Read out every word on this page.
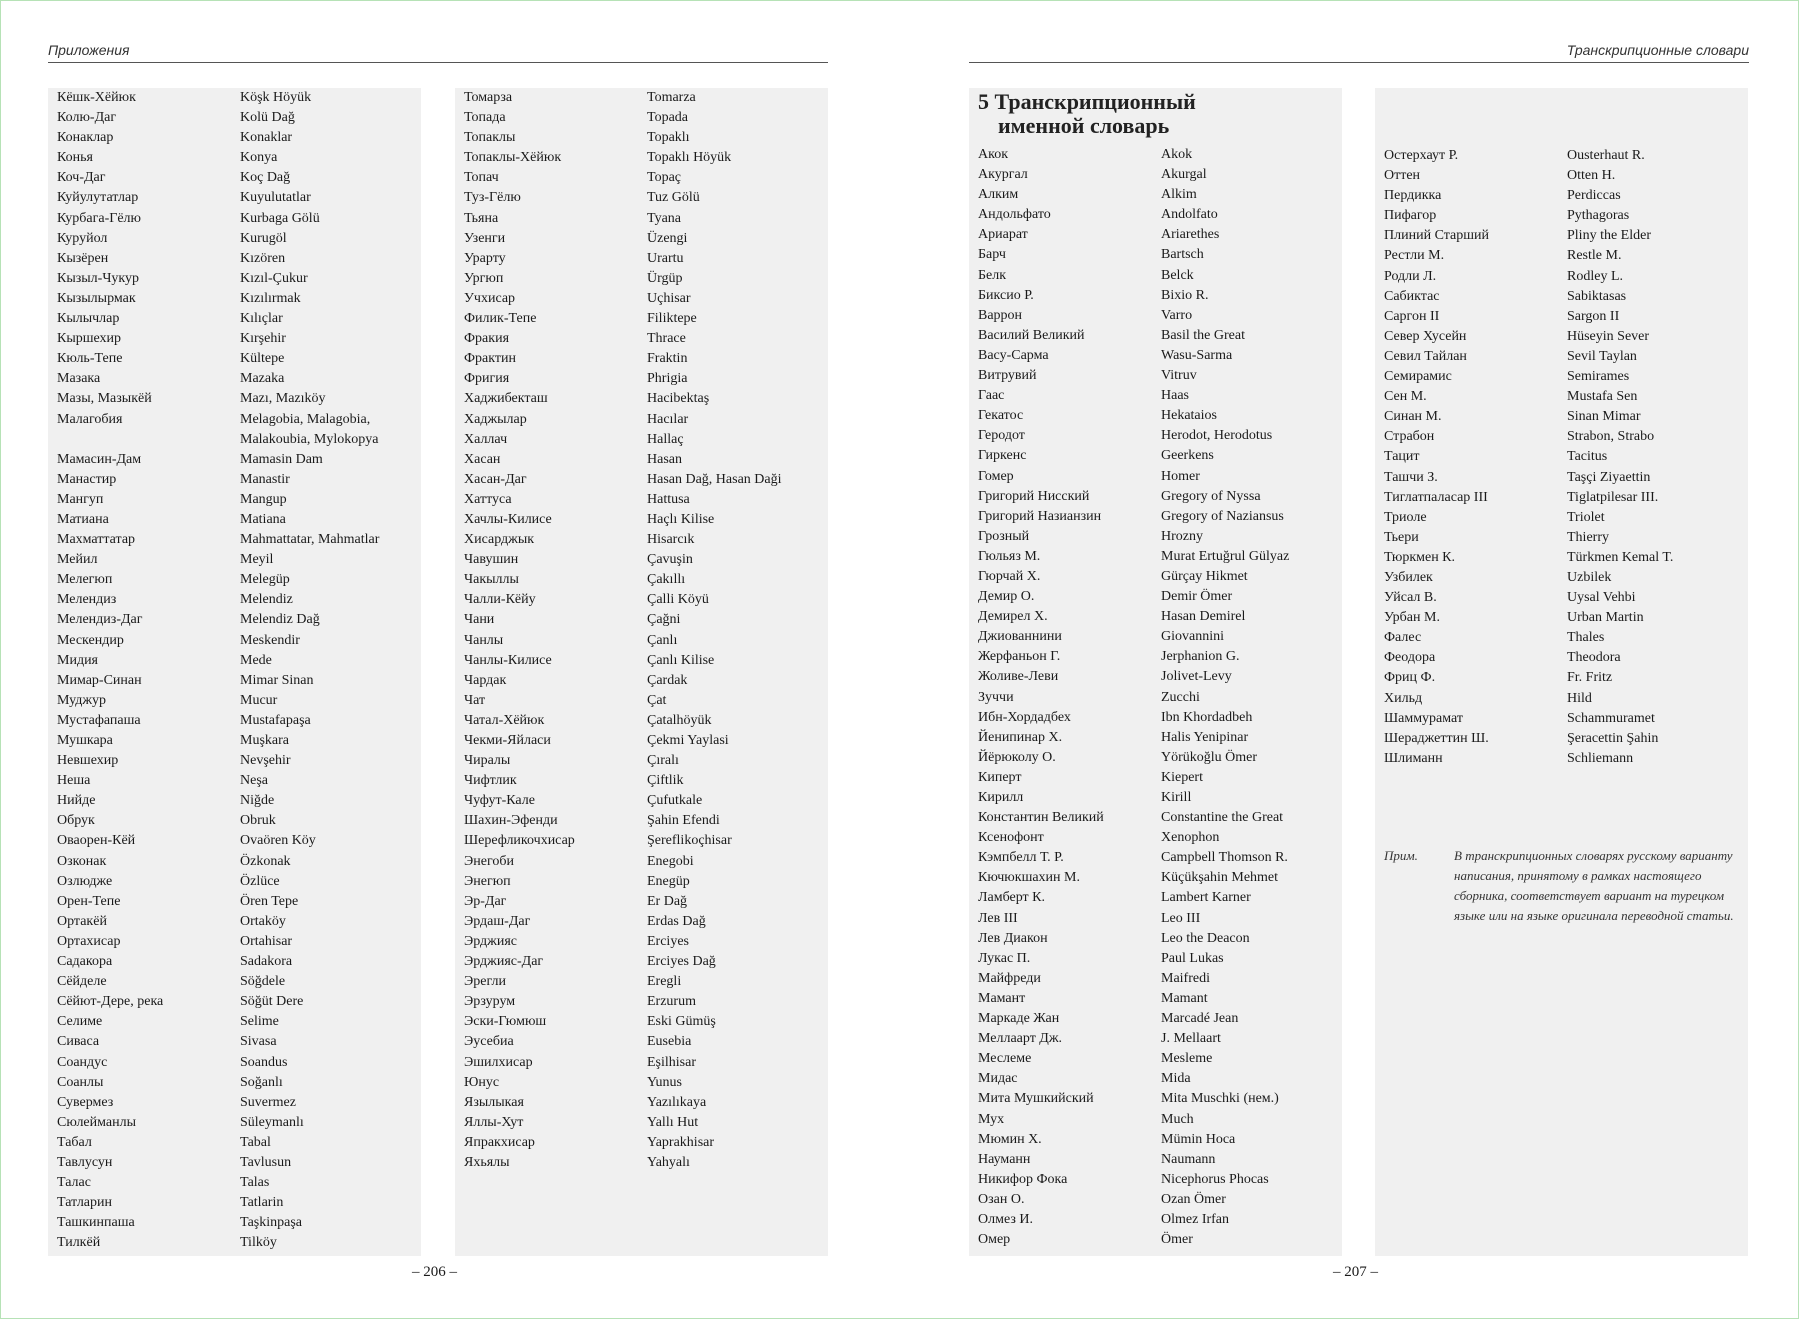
Приложения
Кёшк-Хёйюк	Köşk Höyük
Колю-Даг	Kolü Dağ
Конаклар	Konaklar
Конья	Konya
Коч-Даг	Koç Dağ
Куйулутатлар	Kuyulutatlar
Курбага-Гёлю	Kurbaga Gölü
Куруйол	Kurugöl
Кызёрен	Kızören
Кызыл-Чукур	Kızıl-Çukur
Кызылырмак	Kızılırmak
Кылычлар	Kılıçlar
Кыршехир	Kırşehir
Кюль-Тепе	Kültepe
Мазака	Mazaka
Мазы, Мазыкёй	Mazı, Mazıköy
Малагобия	Melagobia, Malagobia, Malakoubia, Mylokopya
Мамасин-Дам	Mamasin Dam
Манастир	Manastir
Мангуп	Mangup
Матиана	Matiana
Махматтатар	Mahmattatar, Mahmatlar
Мейил	Meyil
Мелегюп	Melegüp
Мелендиз	Melendiz
Мелендиз-Даг	Melendiz Dağ
Мескендир	Meskendir
Мидия	Mede
Мимар-Синан	Mimar Sinan
Муджур	Mucur
Мустафапаша	Mustafapaşa
Мушкара	Muşkara
Невшехир	Nevşehir
Неша	Neşa
Нийде	Niğde
Обрук	Obruk
Оваорен-Кёй	Ovaören Köy
Озконак	Özkonak
Озлюдже	Özlüce
Орен-Тепе	Ören Tepe
Ортакёй	Ortaköy
Ортахисар	Ortahisar
Садакора	Sadakora
Сёйделе	Söğdele
Сёйют-Дере, река	Söğüt Dere
Селиме	Selime
Сиваса	Sivasa
Соандус	Soandus
Соанлы	Soğanlı
Сувермез	Suvermez
Сюлейманлы	Süleymanlı
Табал	Tabal
Тавлусун	Tavlusun
Талас	Talas
Татларин	Tatlarin
Ташкинпаша	Taşkinpaşa
Тилкёй	Tilköy
Томарза	Tomarza
Топада	Topada
Топаклы	Topaklı
Топаклы-Хёйюк	Topaklı Höyük
Топач	Topaç
Туз-Гёлю	Tuz Gölü
Тьяна	Tyana
Узенги	Üzengi
Урарту	Urartu
Ургюп	Ürgüp
Учхисар	Uçhisar
Филик-Тепе	Filiktepe
Фракия	Thrace
Фрактин	Fraktin
Фригия	Phrigia
Хаджибекташ	Hacibektaş
Хаджылар	Hacılar
Халлач	Hallaç
Хасан	Hasan
Хасан-Даг	Hasan Dağ, Hasan Daği
Хаттуса	Hattusa
Хачлы-Килисе	Haçlı Kilise
Хисарджык	Hisarcık
Чавушин	Çavuşin
Чакыллы	Çakıllı
Чалли-Кёйу	Çalli Köyü
Чани	Çağni
Чанлы	Çanlı
Чанлы-Килисе	Çanlı Kilise
Чардак	Çardak
Чат	Çat
Чатал-Хёйюк	Çatalhöyük
Чекми-Яйласи	Çekmi Yaylasi
Чиралы	Çıralı
Чифтлик	Çiftlik
Чуфут-Кале	Çufutkale
Шахин-Эфенди	Şahin Efendi
Шерефликочхисар	Şereflikoçhisar
Энегоби	Enegobi
Энегюп	Enegüp
Эр-Даг	Er Dağ
Эрдаш-Даг	Erdas Dağ
Эрджияс	Erciyes
Эрджияс-Даг	Erciyes Dağ
Эрегли	Eregli
Эрзурум	Erzurum
Эски-Гюмюш	Eski Gümüş
Эусебиа	Eusebia
Эшилхисар	Eşilhisar
Юнус	Yunus
Язылыкая	Yazılıkaya
Яллы-Хут	Yallı Hut
Япракхисар	Yaprakhisar
Яхьялы	Yahyalı
– 206 –
Транскрипционные словари
5 Транскрипционный
именной словарь
Акок	Akok
Акургал	Akurgal
Алким	Alkim
Андольфато	Andolfato
Ариарат	Ariarethes
Барч	Bartsch
Белк	Belck
Биксио Р.	Bixio R.
Варрон	Varro
Василий Великий	Basil the Great
Васу-Сарма	Wasu-Sarma
Витрувий	Vitruv
Гаас	Haas
Гекатос	Hekataios
Геродот	Herodot, Herodotus
Гиркенс	Geerkens
Гомер	Homer
Григорий Нисский	Gregory of Nyssa
Григорий Назианзин	Gregory of Naziansus
Грозный	Hrozny
Гюльяз М.	Murat Ertuğrul Gülyaz
Гюрчай Х.	Gürçay Hikmet
Демир О.	Demir Ömer
Демирел Х.	Hasan Demirel
Джиованнини	Giovannini
Жерфаньон Г.	Jerphanion G.
Жоливе-Леви	Jolivet-Levy
Зуччи	Zucchi
Ибн-Хордадбех	Ibn Khordadbeh
Йенипинар Х.	Halis Yenipinar
Йёрюколу О.	Yörükoğlu Ömer
Киперт	Kiepert
Кирилл	Kirill
Константин Великий	Constantine the Great
Ксенофонт	Xenophon
Кэмпбелл Т. Р.	Campbell Thomson R.
Кючюкшахин М.	Küçükşahin Mehmet
Ламберт К.	Lambert Karner
Лев III	Leo III
Лев Диакон	Leo the Deacon
Лукас П.	Paul Lukas
Майфреди	Maifredi
Мамант	Mamant
Маркаде Жан	Marcadé Jean
Меллаарт Дж.	J. Mellaart
Меслеме	Mesleme
Мидас	Mida
Мита Мушкийский	Mita Muschki (нем.)
Мух	Much
Мюмин Х.	Mümin Hoca
Науманн	Naumann
Никифор Фока	Nicephorus Phocas
Озан О.	Ozan Ömer
Олмез И.	Olmez Irfan
Омер	Ömer
Остерхаут Р.	Ousterhaut R.
Оттен	Otten H.
Пердикка	Perdiccas
Пифагор	Pythagoras
Плиний Старший	Pliny the Elder
Рестли М.	Restle M.
Родли Л.	Rodley L.
Сабиктас	Sabiktasas
Саргон II	Sargon II
Север Хусейн	Hüseyin Sever
Севил Тайлан	Sevil Taylan
Семирамис	Semirames
Сен М.	Mustafa Sen
Синан М.	Sinan Mimar
Страбон	Strabon, Strabo
Тацит	Tacitus
Ташчи З.	Taşçi Ziyaettin
Тиглатпаласар III	Tiglatpilesar III.
Триоле	Triolet
Тьери	Thierry
Тюркмен К.	Türkmen Kemal T.
Узбилек	Uzbilek
Уйсал В.	Uysal Vehbi
Урбан М.	Urban Martin
Фалес	Thales
Феодора	Theodora
Фриц Ф.	Fr. Fritz
Хильд	Hild
Шаммурамат	Schammuramet
Шераджеттин Ш.	Şeracettin Şahin
Шлиманн	Schliemann
Прим.	В транскрипционных словарях русскому варианту написания, принятому в рамках настоящего сборника, соответствует вариант на турецком языке или на языке оригинала переводной статьи.
– 207 –
